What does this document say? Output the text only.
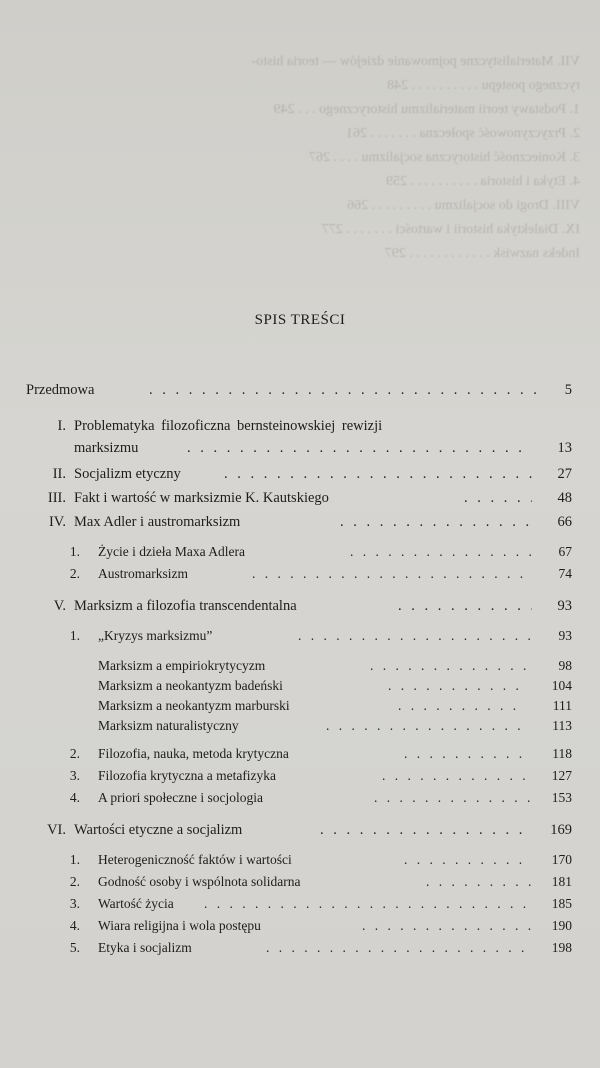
VII. Materialistyczne pojmowanie dziejów — teoria histo-
rycznego postępu . . . . . . . . . . 248
1. Podstawy teorii materializmu historycznego . . . 249
2. Przyczynowość społeczna . . . . . . . 261
3. Konieczność historyczna socjalizmu . . . . 267
4. Etyka i historia . . . . . . . . . . 259
VIII. Drogi do socjalizmu . . . . . . . . . 266
IX. Dialektyka historii i wartości . . . . . . . 277
Indeks nazwisk . . . . . . . . . . . . 297
SPIS TREŚCI
Przedmowa . . .	5
I. Problematyka filozoficzna bernsteinowskiej rewizji
marksizmu . . .	13
II. Socjalizm etyczny . . .	27
III. Fakt i wartość w marksizmie K. Kautskiego . . .	48
IV. Max Adler i austromarksizm . . .	66
1. Życie i dzieła Maxa Adlera . . .	67
2. Austromarksizm . . .	74
V. Marksizm a filozofia transcendentalna . . .	93
1. „Kryzys marksizmu” . . .	93
Marksizm a empiriokrytycyzm . . .	98
Marksizm a neokantyzm badeński . . .	104
Marksizm a neokantyzm marburski . . .	111
Marksizm naturalistyczny . . .	113
2. Filozofia, nauka, metoda krytyczna . . .	118
3. Filozofia krytyczna a metafizyka . . .	127
4. A priori społeczne i socjologia . . .	153
VI. Wartości etyczne a socjalizm . . .	169
1. Heterogeniczność faktów i wartości . . .	170
2. Godność osoby i wspólnota solidarna . . .	181
3. Wartość życia . . .	185
4. Wiara religijna i wola postępu . . .	190
5. Etyka i socjalizm . . .	198
